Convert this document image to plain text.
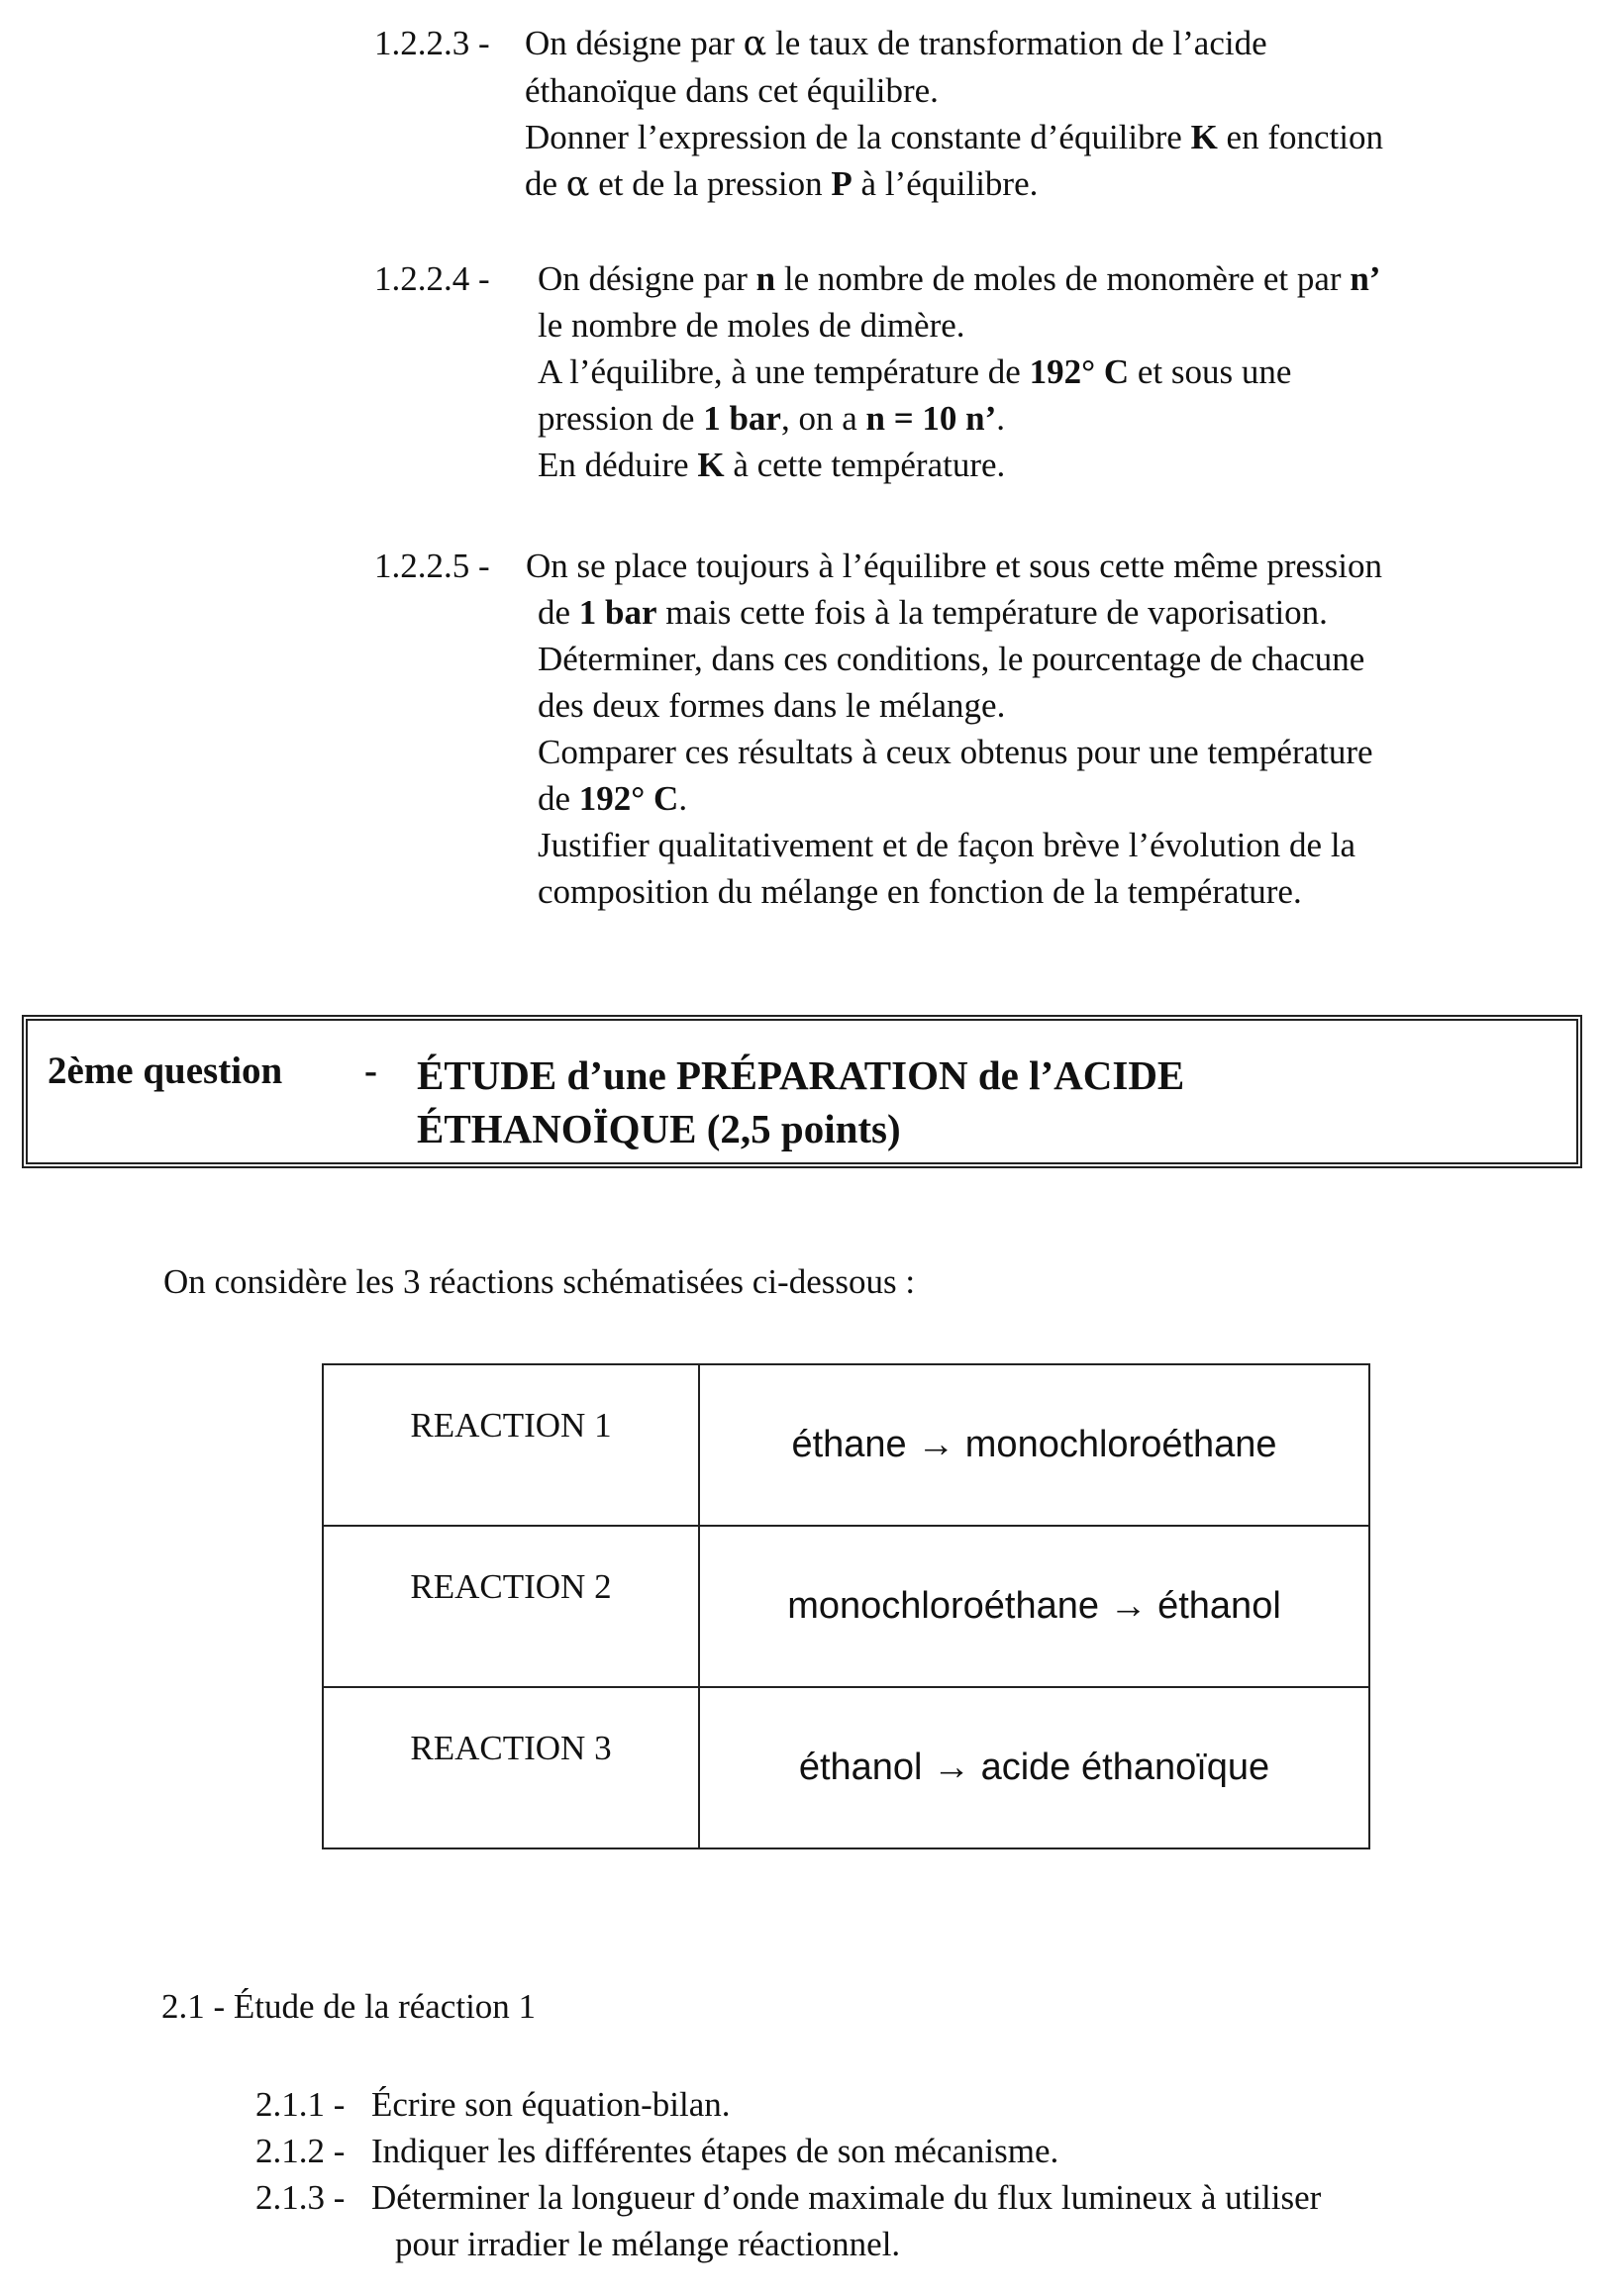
1.2.2.3 - On désigne par α le taux de transformation de l’acide
éthanoïque dans cet équilibre.
Donner l’expression de la constante d’équilibre K en fonction
de α et de la pression P à l’équilibre.
1.2.2.4 - On désigne par n le nombre de moles de monomère et par n’
le nombre de moles de dimère.
A l’équilibre, à une température de 192° C et sous une
pression de 1 bar, on a n = 10 n’.
En déduire K à cette température.
1.2.2.5 - On se place toujours à l’équilibre et sous cette même pression
de 1 bar mais cette fois à la température de vaporisation.
Déterminer, dans ces conditions, le pourcentage de chacune
des deux formes dans le mélange.
Comparer ces résultats à ceux obtenus pour une température
de 192° C.
Justifier qualitativement et de façon brève l’évolution de la
composition du mélange en fonction de la température.
2ème question - ÉTUDE d’une PRÉPARATION de l’ACIDE
ÉTHANOÏQUE (2,5 points)
On considère les 3 réactions schématisées ci-dessous :
REACTION 1	éthane → monochloroéthane
REACTION 2	monochloroéthane → éthanol
REACTION 3	éthanol → acide éthanoïque
2.1 - Étude de la réaction 1
2.1.1 - Écrire son équation-bilan.
2.1.2 - Indiquer les différentes étapes de son mécanisme.
2.1.3 - Déterminer la longueur d’onde maximale du flux lumineux à utiliser
pour irradier le mélange réactionnel.
